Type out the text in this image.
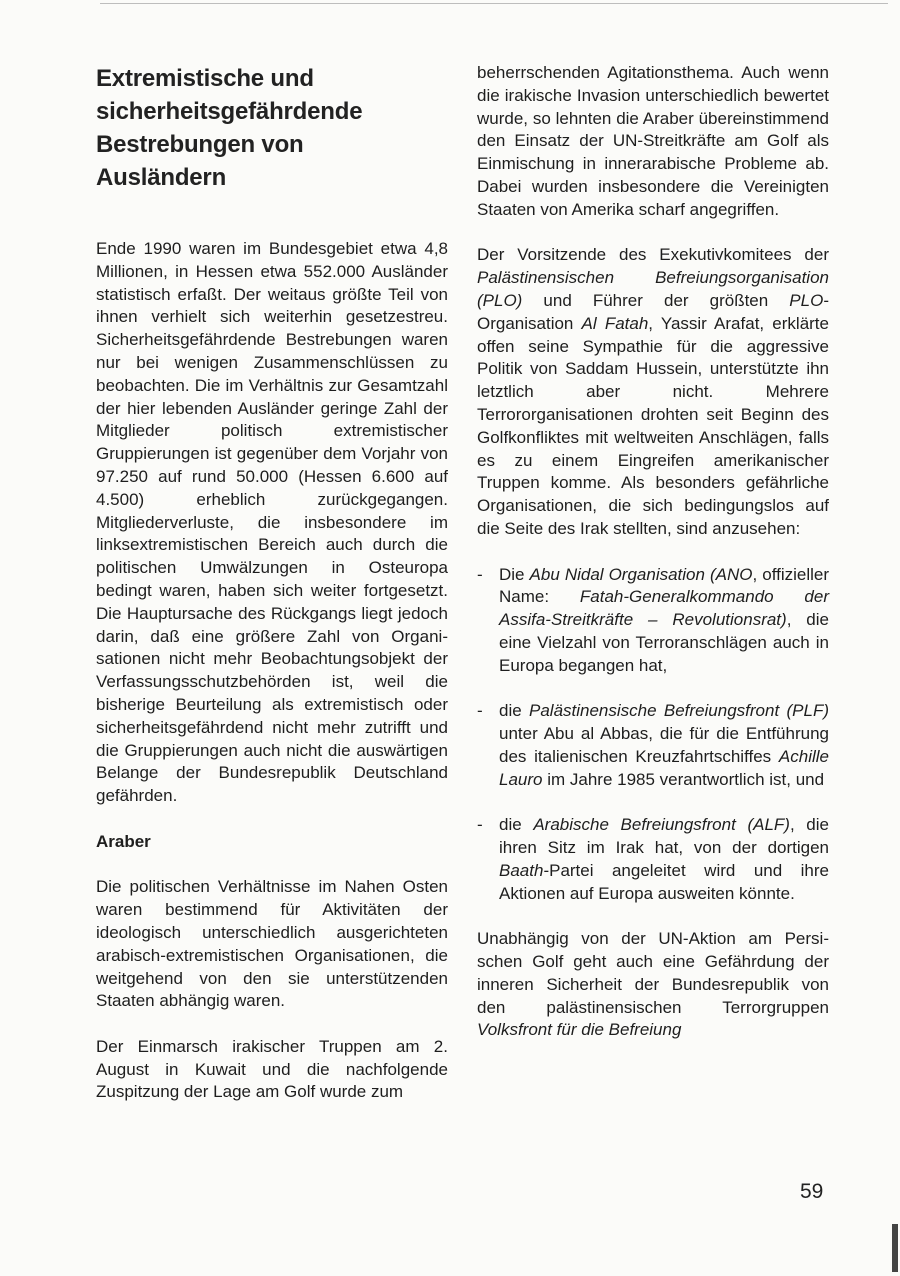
Extremistische und
sicherheitsgefährdende
Bestrebungen von
Ausländern

Ende 1990 waren im Bundesgebiet etwa 4,8 Millionen, in Hessen etwa 552.000 Ausländer statistisch erfaßt. Der weitaus größte Teil von ihnen verhielt sich weiterhin gesetzestreu. Sicherheitsgefährdende Bestrebungen waren nur bei wenigen Zusammenschlüssen zu beobachten. Die im Verhältnis zur Gesamtzahl der hier lebenden Ausländer geringe Zahl der Mitglieder politisch extremistischer Gruppierungen ist gegenüber dem Vorjahr von 97.250 auf rund 50.000 (Hessen 6.600 auf 4.500) erheblich zurückgegangen. Mitgliederverluste, die insbesondere im linksextremistischen Bereich auch durch die politischen Umwälzungen in Osteuropa bedingt waren, haben sich weiter fortgesetzt. Die Hauptursache des Rückgangs liegt jedoch darin, daß eine größere Zahl von Organisationen nicht mehr Beobachtungsobjekt der Verfassungsschutzbehörden ist, weil die bisherige Beurteilung als extremistisch oder sicherheitsgefährdend nicht mehr zutrifft und die Gruppierungen auch nicht die auswärtigen Belange der Bundesrepublik Deutschland gefährden.

Araber

Die politischen Verhältnisse im Nahen Osten waren bestimmend für Aktivitäten der ideologisch unterschiedlich ausgerichteten arabisch-extremistischen Organisationen, die weitgehend von den sie unterstützenden Staaten abhängig waren.

Der Einmarsch irakischer Truppen am 2. August in Kuwait und die nachfolgende Zuspitzung der Lage am Golf wurde zum

beherrschenden Agitationsthema. Auch wenn die irakische Invasion unterschiedlich bewertet wurde, so lehnten die Araber übereinstimmend den Einsatz der UN-Streitkräfte am Golf als Einmischung in innerarabische Probleme ab. Dabei wurden insbesondere die Vereinigten Staaten von Amerika scharf angegriffen.

Der Vorsitzende des Exekutivkomitees der Palästinensischen Befreiungsorganisation (PLO) und Führer der größten PLO-Organisation Al Fatah, Yassir Arafat, erklärte offen seine Sympathie für die aggressive Politik von Saddam Hussein, unterstützte ihn letztlich aber nicht. Mehrere Terrororganisationen drohten seit Beginn des Golfkonfliktes mit weltweiten Anschlägen, falls es zu einem Eingreifen amerikanischer Truppen komme. Als besonders gefährliche Organisationen, die sich bedingungslos auf die Seite des Irak stellten, sind anzusehen:

- Die Abu Nidal Organisation (ANO, offizieller Name: Fatah-Generalkommando der Assifa-Streitkräfte – Revolutionsrat), die eine Vielzahl von Terroranschlägen auch in Europa begangen hat,

- die Palästinensische Befreiungsfront (PLF) unter Abu al Abbas, die für die Entführung des italienischen Kreuzfahrtschiffes Achille Lauro im Jahre 1985 verantwortlich ist, und

- die Arabische Befreiungsfront (ALF), die ihren Sitz im Irak hat, von der dortigen Baath-Partei angeleitet wird und ihre Aktionen auf Europa ausweiten könnte.

Unabhängig von der UN-Aktion am Persischen Golf geht auch eine Gefährdung der inneren Sicherheit der Bundesrepublik von den palästinensischen Terrorgruppen Volksfront für die Befreiung

59
